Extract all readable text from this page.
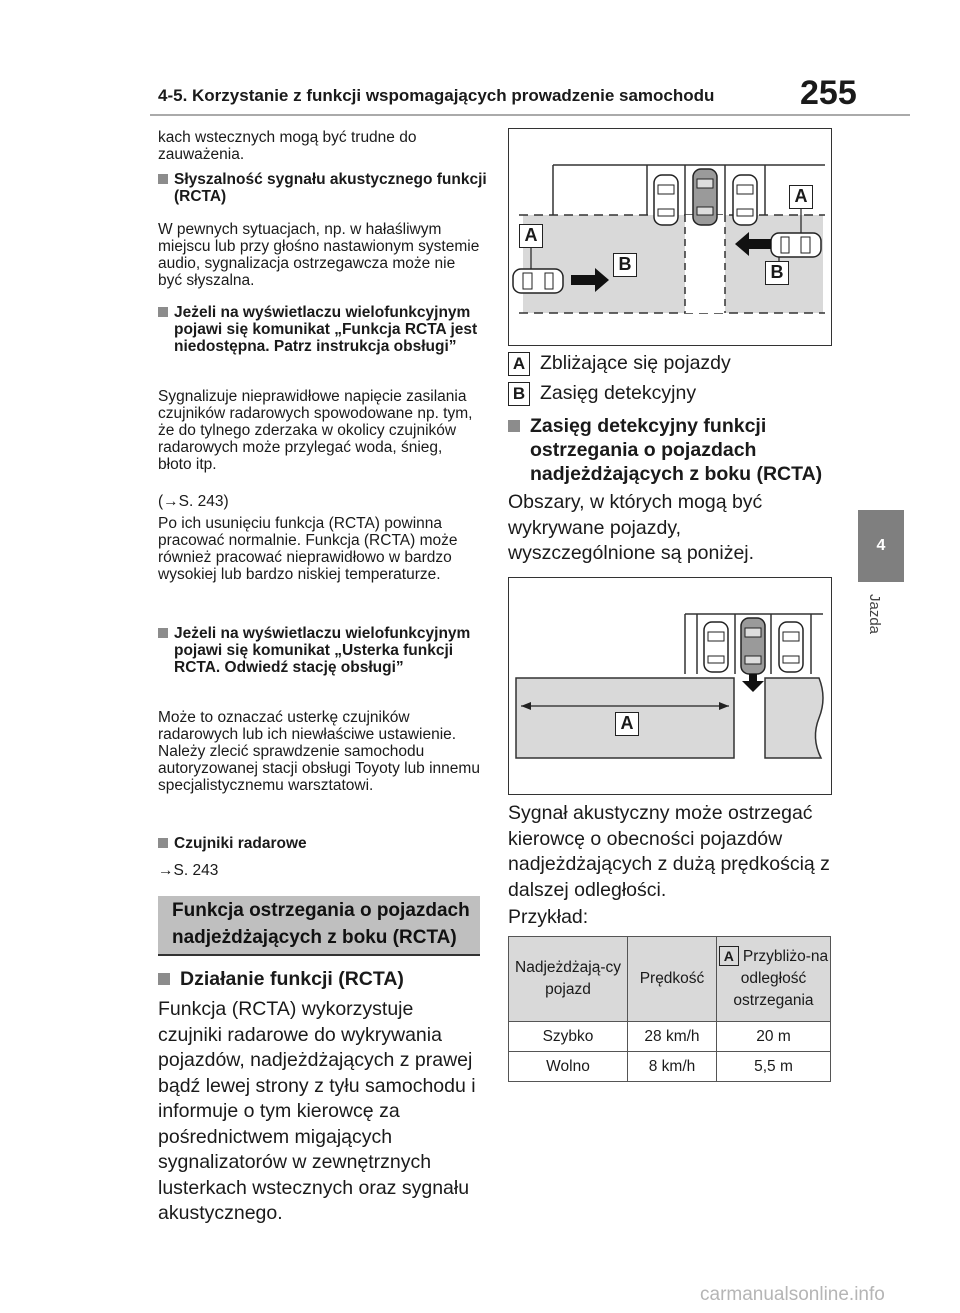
4-5. Korzystanie z funkcji wspomagających prowadzenie samochodu	255
4
Jazda

kach wstecznych mogą być trudne do zauważenia.

Słyszalność sygnału akustycznego funkcji (RCTA)

W pewnych sytuacjach, np. w hałaśliwym miejscu lub przy głośno nastawionym systemie audio, sygnalizacja ostrzegawcza może nie być słyszalna.

Jeżeli na wyświetlaczu wielofunkcyjnym pojawi się komunikat „Funkcja RCTA jest niedostępna. Patrz instrukcja obsługi”

Sygnalizuje nieprawidłowe napięcie zasilania czujników radarowych spowodowane np. tym, że do tylnego zderzaka w okolicy czujników radarowych może przylegać woda, śnieg, błoto itp.

(→S. 243)

Po ich usunięciu funkcja (RCTA) powinna pracować normalnie. Funkcja (RCTA) może również pracować nieprawidłowo w bardzo wysokiej lub bardzo niskiej temperaturze.

Jeżeli na wyświetlaczu wielofunkcyjnym pojawi się komunikat „Usterka funkcji RCTA. Odwiedź stację obsługi”

Może to oznaczać usterkę czujników radarowych lub ich niewłaściwe ustawienie. Należy zlecić sprawdzenie samochodu autoryzowanej stacji obsługi Toyoty lub innemu specjalistycznemu warsztatowi.

Czujniki radarowe

→S. 243

Funkcja ostrzegania o pojazdach
nadjeżdżających z boku (RCTA)

Działanie funkcji (RCTA)

Funkcja (RCTA) wykorzystuje czujniki radarowe do wykrywania pojazdów, nadjeżdżających z prawej bądź lewej strony z tyłu samochodu i informuje o tym kierowcę za pośrednictwem migających sygnalizatorów w zewnętrznych lusterkach wstecznych oraz sygnału akustycznego.

A
A
B	B
A Zbliżające się pojazdy
B Zasięg detekcyjny

Zasięg detekcyjny funkcji ostrzegania o pojazdach nadjeżdżających z boku (RCTA)

Obszary, w których mogą być wykrywane pojazdy, wyszczególnione są poniżej.

A

Sygnał akustyczny może ostrzegać kierowcę o obecności pojazdów nadjeżdżających z dużą prędkością z dalszej odległości.

Przykład:

Nadjeżdżają-cy pojazd	Prędkość	A Przybliżo-na odległość ostrzegania
Szybko	28 km/h	20 m
Wolno	8 km/h	5,5 m
carmanualsonline.info
